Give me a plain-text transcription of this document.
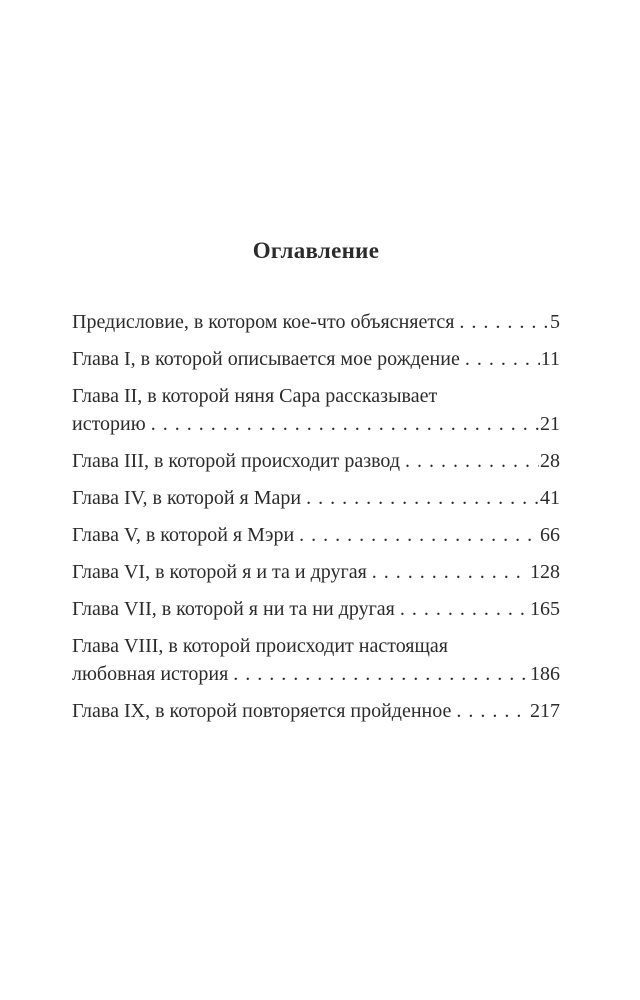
Оглавление
Предисловие, в котором кое-что объясняется . . .	5
Глава I, в которой описывается мое рождение . . .	11
Глава II, в которой няня Сара рассказывает
историю . . .	21
Глава III, в которой происходит развод . . .	28
Глава IV, в которой я Мари . . .	41
Глава V, в которой я Мэри . . .	66
Глава VI, в которой я и та и другая . . .	128
Глава VII, в которой я ни та ни другая . . .	165
Глава VIII, в которой происходит настоящая
любовная история . . .	186
Глава IX, в которой повторяется пройденное . . .	217
